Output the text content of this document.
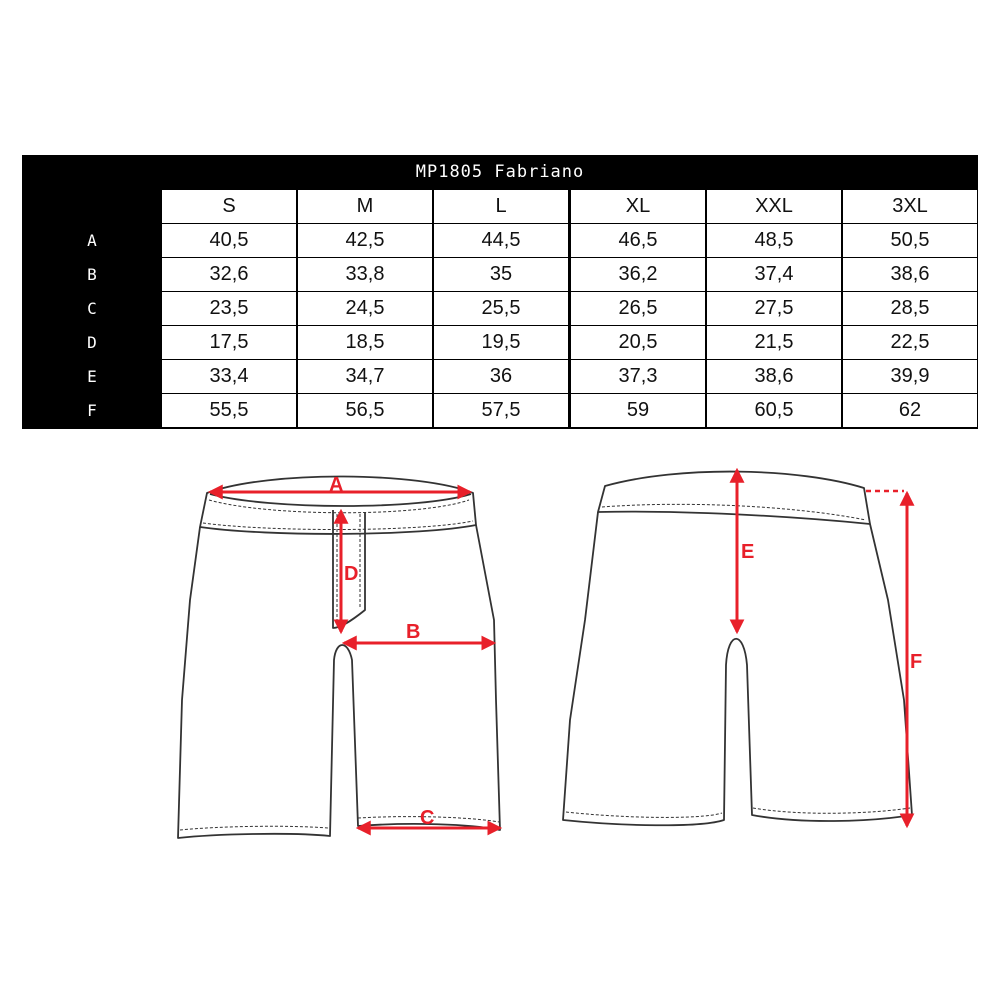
MP1805 Fabriano
S	M	L	XL	XXL	3XL
A	40,5	42,5	44,5	46,5	48,5	50,5
B	32,6	33,8	35	36,2	37,4	38,6
C	23,5	24,5	25,5	26,5	27,5	28,5
D	17,5	18,5	19,5	20,5	21,5	22,5
E	33,4	34,7	36	37,3	38,6	39,9
F	55,5	56,5	57,5	59	60,5	62
A
D
B
C
E
F
